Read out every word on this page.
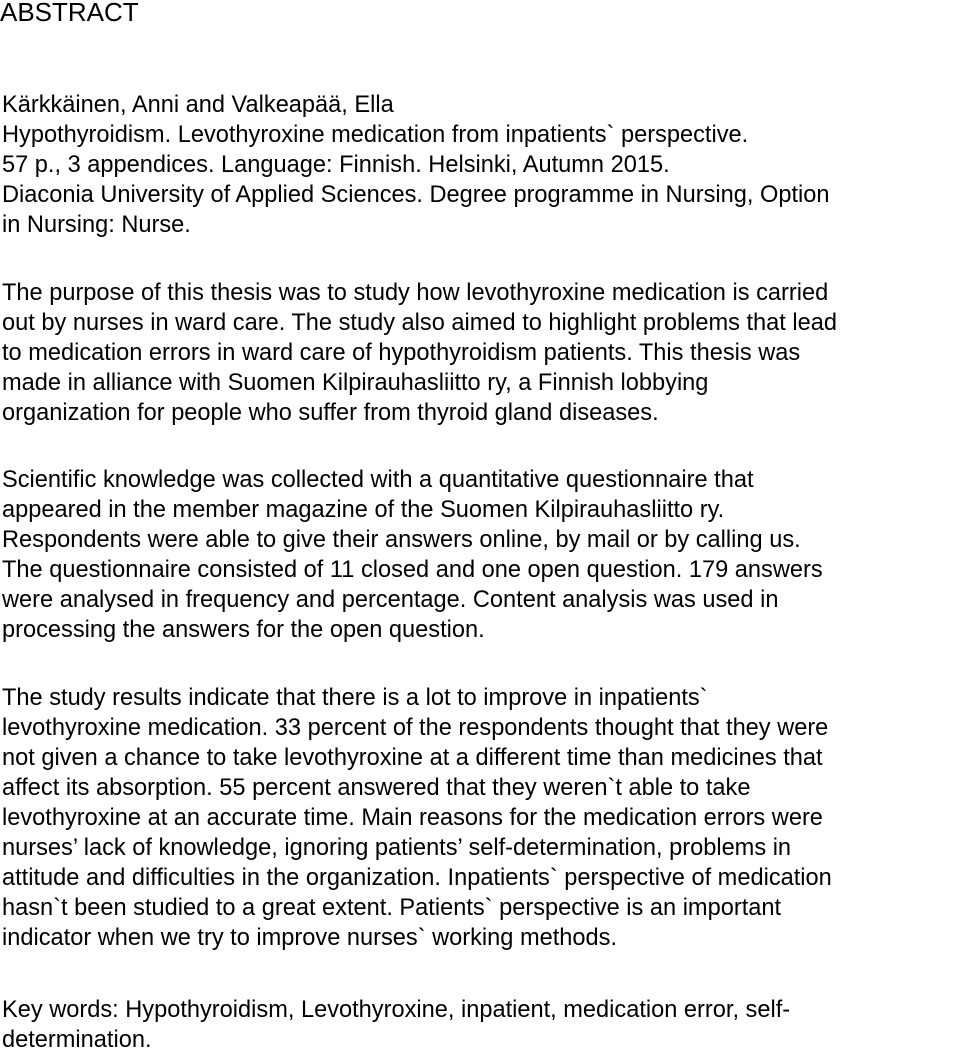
ABSTRACT
Kärkkäinen, Anni and Valkeapää, Ella
Hypothyroidism. Levothyroxine medication from inpatients` perspective.
57 p., 3 appendices. Language: Finnish. Helsinki, Autumn 2015.
Diaconia University of Applied Sciences. Degree programme in Nursing, Option
in Nursing: Nurse.
The purpose of this thesis was to study how levothyroxine medication is carried
out by nurses in ward care. The study also aimed to highlight problems that lead
to medication errors in ward care of hypothyroidism patients. This thesis was
made in alliance with Suomen Kilpirauhasliitto ry, a Finnish lobbying
organization for people who suffer from thyroid gland diseases.
Scientific knowledge was collected with a quantitative questionnaire that
appeared in the member magazine of the Suomen Kilpirauhasliitto ry.
Respondents were able to give their answers online, by mail or by calling us.
The questionnaire consisted of 11 closed and one open question. 179 answers
were analysed in frequency and percentage. Content analysis was used in
processing the answers for the open question.
The study results indicate that there is a lot to improve in inpatients`
levothyroxine medication. 33 percent of the respondents thought that they were
not given a chance to take levothyroxine at a different time than medicines that
affect its absorption. 55 percent answered that they weren`t able to take
levothyroxine at an accurate time. Main reasons for the medication errors were
nurses’ lack of knowledge, ignoring patients’ self-determination, problems in
attitude and difficulties in the organization. Inpatients` perspective of medication
hasn`t been studied to a great extent. Patients` perspective is an important
indicator when we try to improve nurses` working methods.
Key words: Hypothyroidism, Levothyroxine, inpatient, medication error, self-
determination.
